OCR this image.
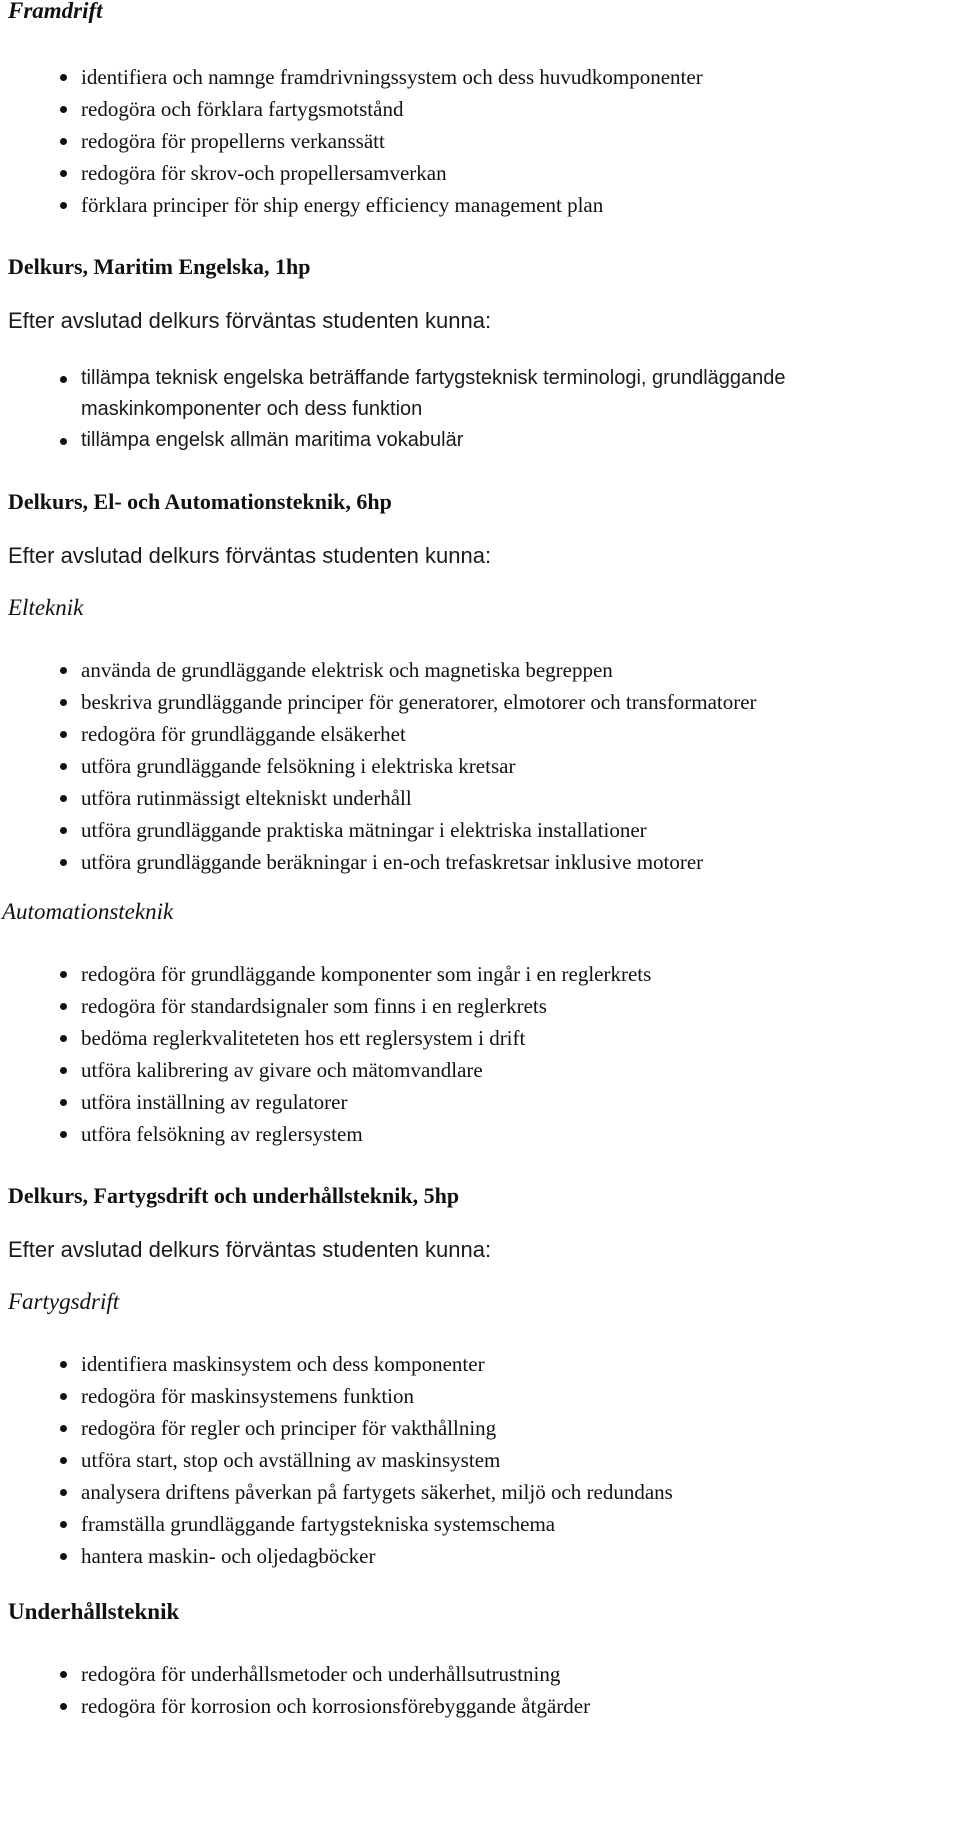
Framdrift
identifiera och namnge framdrivningssystem och dess huvudkomponenter
redogöra och förklara fartygsmotstånd
redogöra för propellerns verkanssätt
redogöra för skrov-och propellersamverkan
förklara principer för ship energy efficiency management plan
Delkurs, Maritim Engelska, 1hp

Efter avslutad delkurs förväntas studenten kunna:

tillämpa teknisk engelska beträffande fartygsteknisk terminologi, grundläggande maskinkomponenter och dess funktion
tillämpa engelsk allmän maritima vokabulär
Delkurs, El- och Automationsteknik, 6hp

Efter avslutad delkurs förväntas studenten kunna:

Elteknik
använda de grundläggande elektrisk och magnetiska begreppen
beskriva grundläggande principer för generatorer, elmotorer och transformatorer
redogöra för grundläggande elsäkerhet
utföra grundläggande felsökning i elektriska kretsar
utföra rutinmässigt eltekniskt underhåll
utföra grundläggande praktiska mätningar i elektriska installationer
utföra grundläggande beräkningar i en-och trefaskretsar inklusive motorer
Automationsteknik
redogöra för grundläggande komponenter som ingår i en reglerkrets
redogöra för standardsignaler som finns i en reglerkrets
bedöma reglerkvaliteteten hos ett reglersystem i drift
utföra kalibrering av givare och mätomvandlare
utföra inställning av regulatorer
utföra felsökning av reglersystem
Delkurs, Fartygsdrift och underhållsteknik, 5hp

Efter avslutad delkurs förväntas studenten kunna:

Fartygsdrift
identifiera maskinsystem och dess komponenter
redogöra för maskinsystemens funktion
redogöra för regler och principer för vakthållning
utföra start, stop och avställning av maskinsystem
analysera driftens påverkan på fartygets säkerhet, miljö och redundans
framställa grundläggande fartygstekniska systemschema
hantera maskin- och oljedagböcker
Underhållsteknik
redogöra för underhållsmetoder och underhållsutrustning
redogöra för korrosion och korrosionsförebyggande åtgärder
